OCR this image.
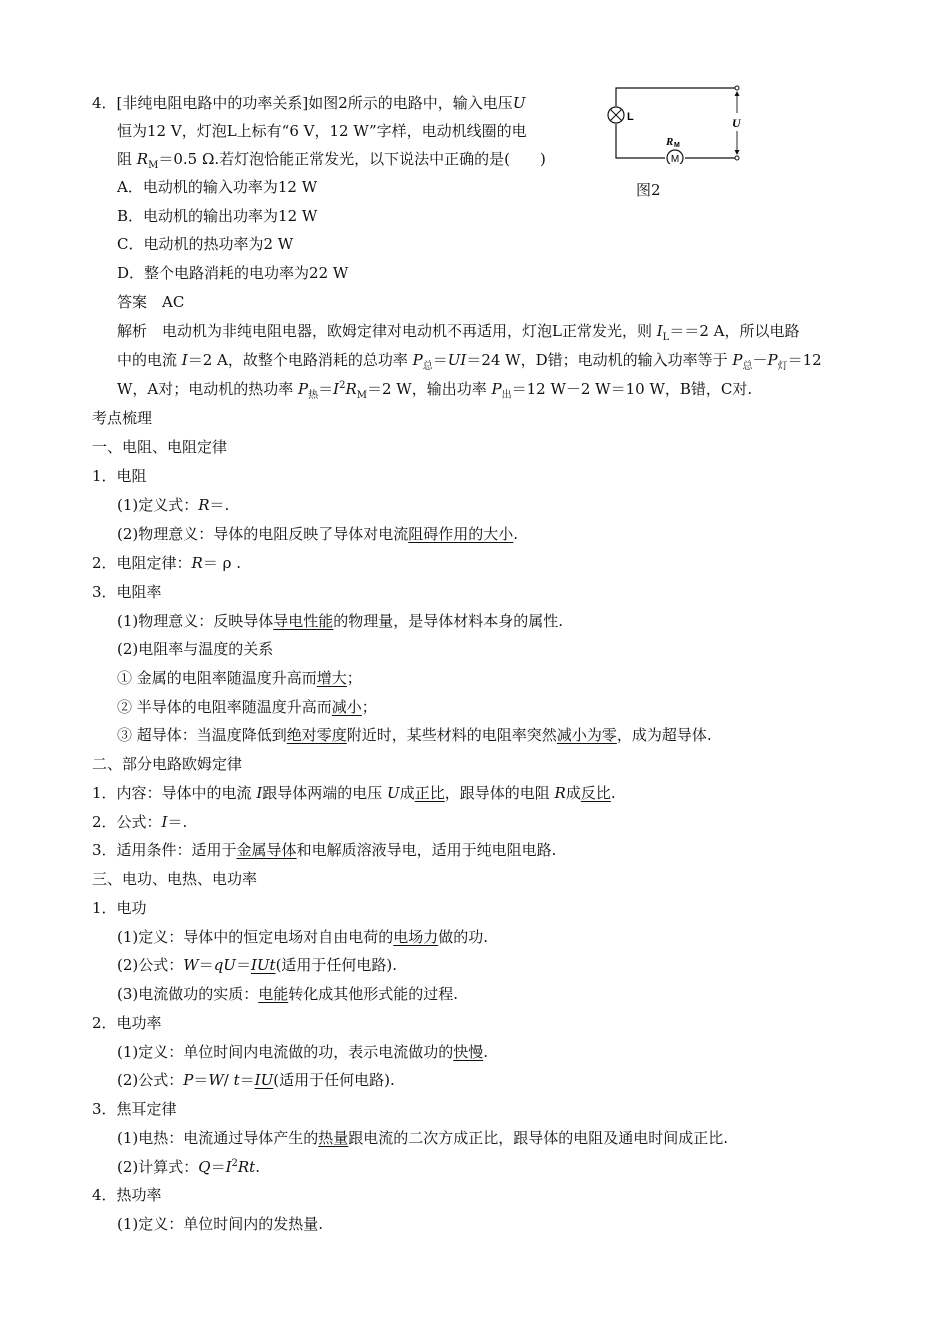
4．[非纯电阻电路中的功率关系]如图2所示的电路中，输入电压U
恒为12 V，灯泡L上标有“6 V，12 W”字样，电动机线圈的电
阻 $R_M=0.5$ Ω.若灯泡恰能正常发光，以下说法中正确的是(　　)
A．电动机的输入功率为12 W
B．电动机的输出功率为12 W
C．电动机的热功率为2 W
D．整个电路消耗的电功率为22 W
答案　AC
解析　电动机为非纯电阻电器，欧姆定律对电动机不再适用，灯泡L正常发光，则 $I_L==2$ A，所以电路
中的电流 I＝2 A，故整个电路消耗的总功率 $P_总=UI=24$ W，D错；电动机的输入功率等于 $P_总-P_灯=12$
W，A对；电动机的热功率 $P_热=I^2R_M=2$ W，输出功率 $P_出=12$ W－2 W＝10 W，B错，C对.
L
M
R M
U
图2
考点梳理
一、电阻、电阻定律
1．电阻
(1)定义式：R＝.
(2)物理意义：导体的电阻反映了导体对电流阻碍作用的大小.
2．电阻定律：R＝ ρ .
3．电阻率
(1)物理意义：反映导体导电性能的物理量，是导体材料本身的属性.
(2)电阻率与温度的关系
① 金属的电阻率随温度升高而增大；
② 半导体的电阻率随温度升高而减小；
③ 超导体：当温度降低到绝对零度附近时，某些材料的电阻率突然减小为零，成为超导体.
二、部分电路欧姆定律
1．内容：导体中的电流 I跟导体两端的电压 U成正比，跟导体的电阻 R成反比.
2．公式：I＝.
3．适用条件：适用于金属导体和电解质溶液导电，适用于纯电阻电路.
三、电功、电热、电功率
1．电功
(1)定义：导体中的恒定电场对自由电荷的电场力做的功.
(2)公式：W＝qU＝IUt(适用于任何电路).
(3)电流做功的实质：电能转化成其他形式能的过程.
2．电功率
(1)定义：单位时间内电流做的功，表示电流做功的快慢.
(2)公式：P＝W/ t＝IU(适用于任何电路).
3．焦耳定律
(1)电热：电流通过导体产生的热量跟电流的二次方成正比，跟导体的电阻及通电时间成正比.
(2)计算式：$Q=I^2Rt$.
4．热功率
(1)定义：单位时间内的发热量.
